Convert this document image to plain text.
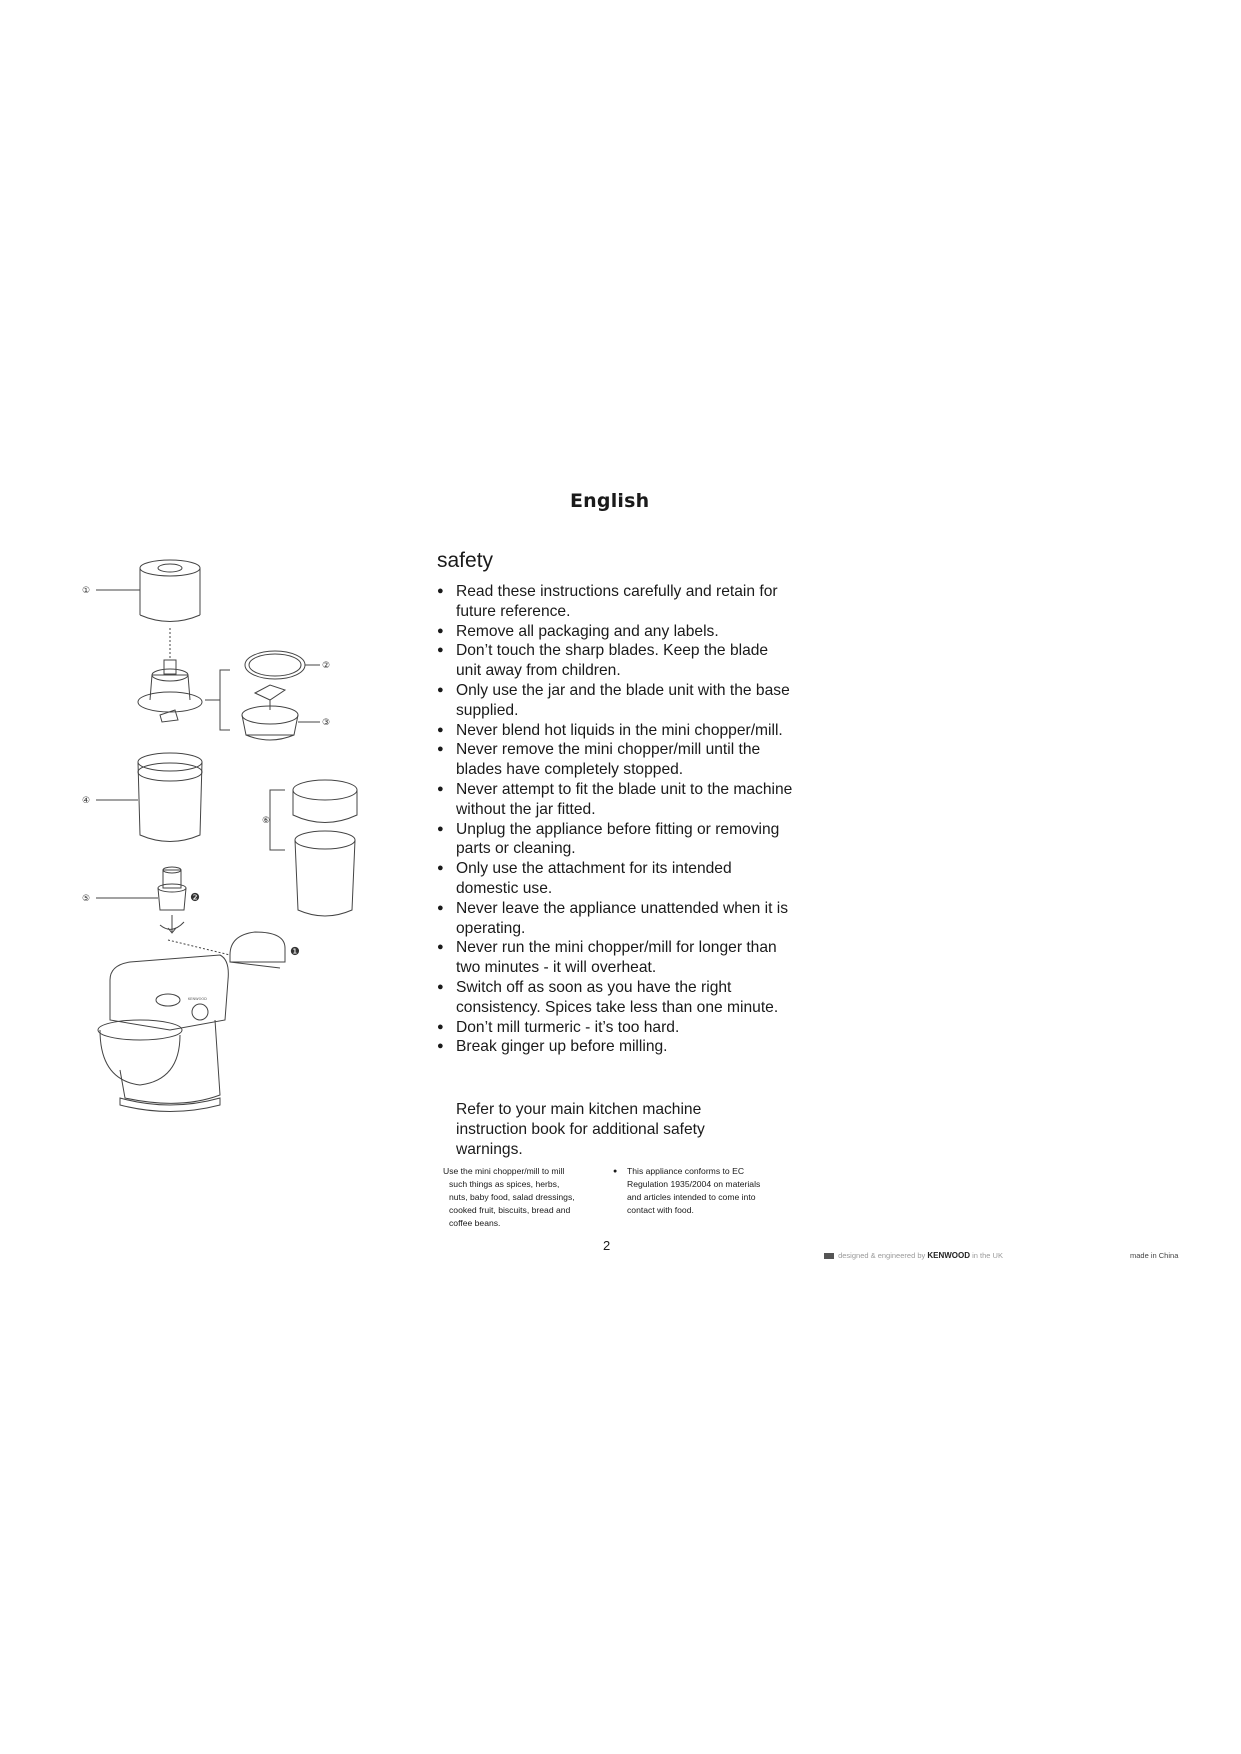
English
①
②
③
④
⑤
⑥
❷
❶
KENWOOD
safety
● Read these instructions carefully and retain for future reference.
● Remove all packaging and any labels.
● Don’t touch the sharp blades. Keep the blade unit away from children.
● Only use the jar and the blade unit with the base supplied.
● Never blend hot liquids in the mini chopper/mill.
● Never remove the mini chopper/mill until the blades have completely stopped.
● Never attempt to fit the blade unit to the machine without the jar fitted.
● Unplug the appliance before fitting or removing parts or cleaning.
● Only use the attachment for its intended domestic use.
● Never leave the appliance unattended when it is operating.
● Never run the mini chopper/mill for longer than two minutes - it will overheat.
● Switch off as soon as you have the right consistency. Spices take less than one minute.
● Don’t mill turmeric - it’s too hard.
● Break ginger up before milling.

Refer to your main kitchen machine instruction book for additional safety warnings.

Use the mini chopper/mill to mill
such things as spices, herbs,
nuts, baby food, salad dressings,
cooked fruit, biscuits, bread and
coffee beans.
● This appliance conforms to EC
Regulation 1935/2004 on materials
and articles intended to come into
contact with food.
2
designed & engineered by KENWOOD in the UK	made in China
